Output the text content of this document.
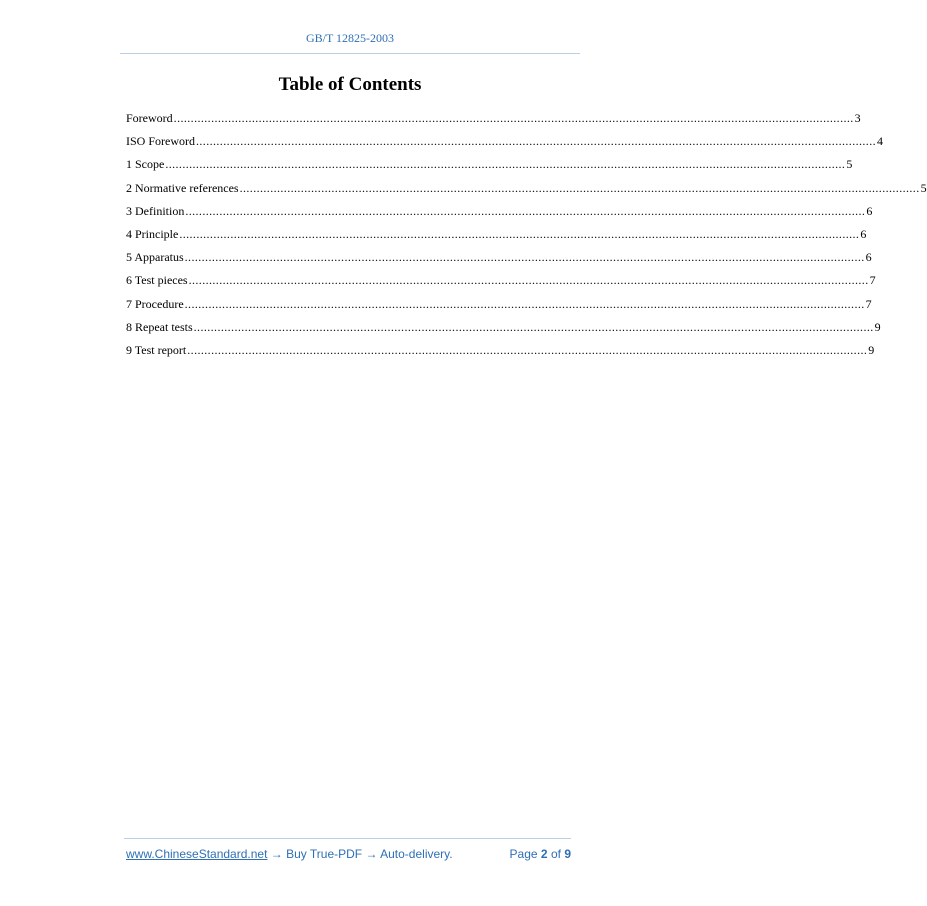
GB/T 12825-2003
Table of Contents
Foreword ........................................................................................................................................................................................................ 3
ISO Foreword ........................................................................................................................................................................................................ 4
1 Scope ........................................................................................................................................................................................................ 5
2 Normative references ........................................................................................................................................................................................................ 5
3 Definition ........................................................................................................................................................................................................ 6
4 Principle ........................................................................................................................................................................................................ 6
5 Apparatus ........................................................................................................................................................................................................ 6
6 Test pieces ........................................................................................................................................................................................................ 7
7 Procedure ........................................................................................................................................................................................................ 7
8 Repeat tests ........................................................................................................................................................................................................ 9
9 Test report ........................................................................................................................................................................................................ 9
www.ChineseStandard.net → Buy True-PDF → Auto-delivery.	Page 2 of 9
